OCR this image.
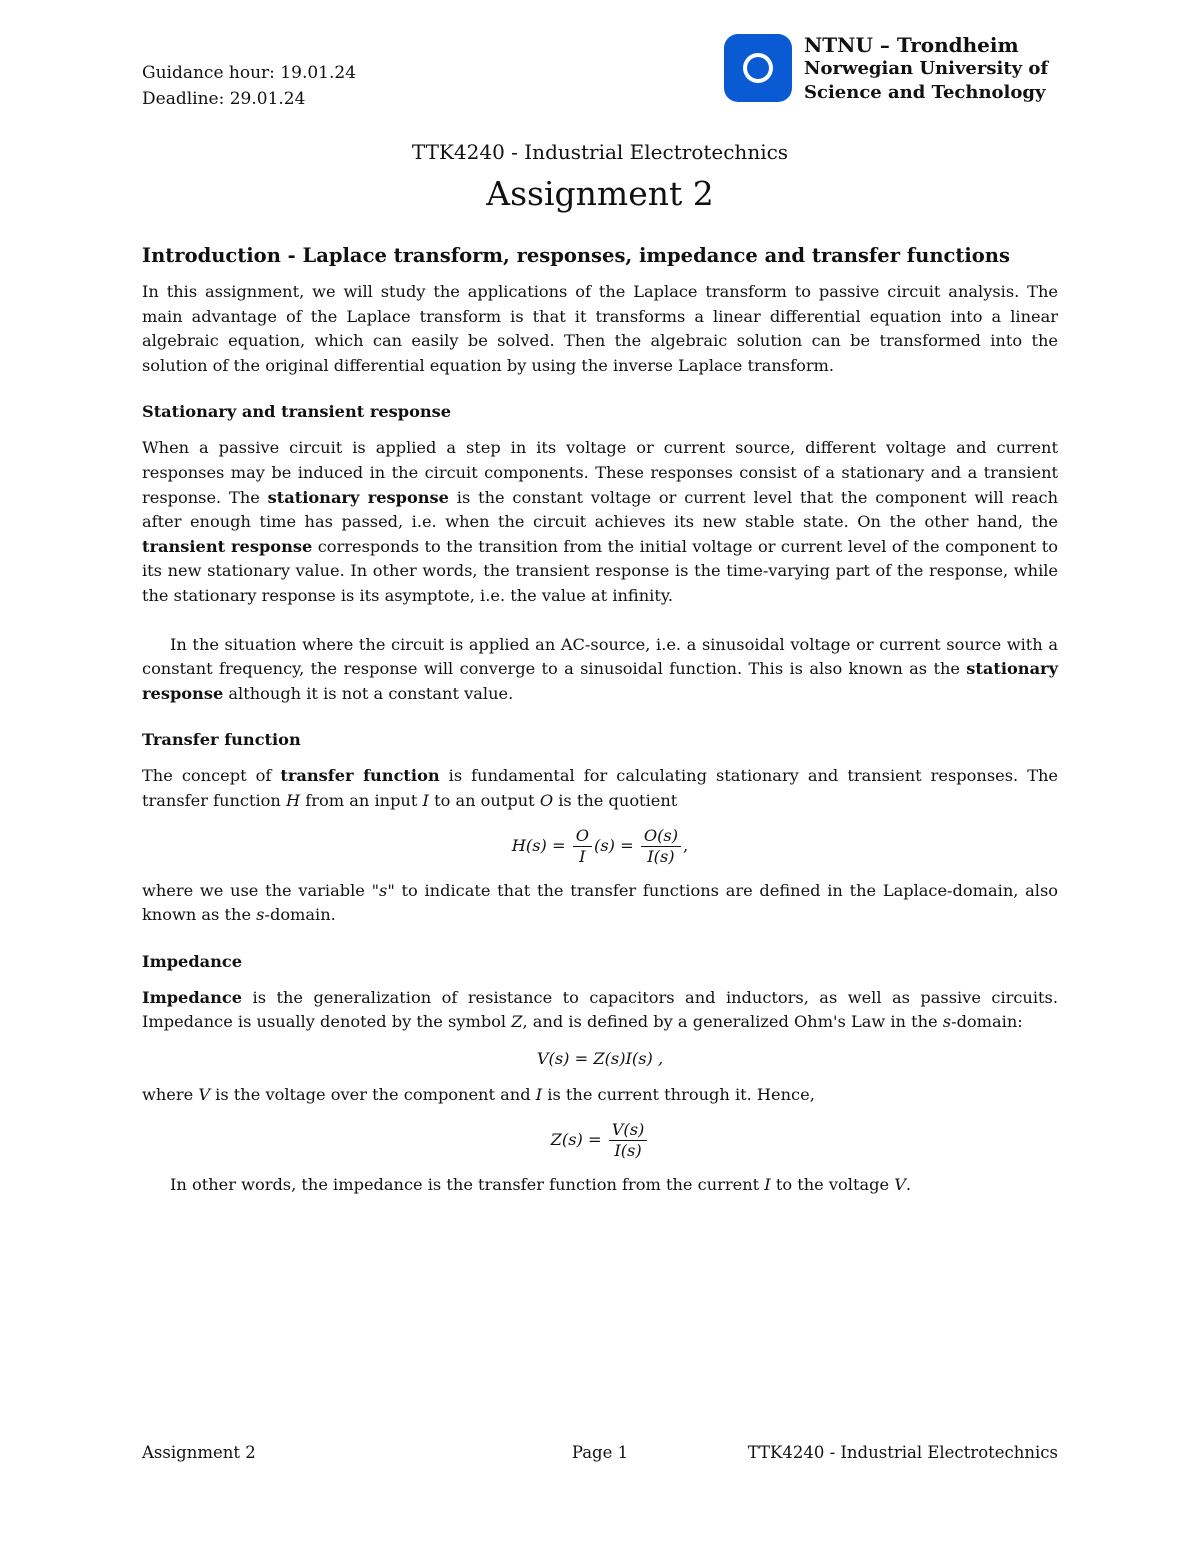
Guidance hour: 19.01.24
Deadline: 29.01.24
NTNU – Trondheim
Norwegian University of
Science and Technology
TTK4240 - Industrial Electrotechnics
Assignment 2
Introduction - Laplace transform, responses, impedance and transfer functions

In this assignment, we will study the applications of the Laplace transform to passive circuit analysis. The main advantage of the Laplace transform is that it transforms a linear differential equation into a linear algebraic equation, which can easily be solved. Then the algebraic solution can be transformed into the solution of the original differential equation by using the inverse Laplace transform.

Stationary and transient response

When a passive circuit is applied a step in its voltage or current source, different voltage and current responses may be induced in the circuit components. These responses consist of a stationary and a transient response. The stationary response is the constant voltage or current level that the component will reach after enough time has passed, i.e. when the circuit achieves its new stable state. On the other hand, the transient response corresponds to the transition from the initial voltage or current level of the component to its new stationary value. In other words, the transient response is the time-varying part of the response, while the stationary response is its asymptote, i.e. the value at infinity.

In the situation where the circuit is applied an AC-source, i.e. a sinusoidal voltage or current source with a constant frequency, the response will converge to a sinusoidal function. This is also known as the stationary response although it is not a constant value.

Transfer function

The concept of transfer function is fundamental for calculating stationary and transient responses. The transfer function H from an input I to an output O is the quotient

$H(s) = \frac{O}{I} (s) = \frac{O(s)}{I(s)}$ ,

where we use the variable "s" to indicate that the transfer functions are defined in the Laplace-domain, also known as the s-domain.

Impedance

Impedance is the generalization of resistance to capacitors and inductors, as well as passive circuits. Impedance is usually denoted by the symbol Z, and is defined by a generalized Ohm's Law in the s-domain:

V(s) = Z(s)I(s) ,

where V is the voltage over the component and I is the current through it. Hence,

$Z(s) = \frac{V(s)}{I(s)}$

In other words, the impedance is the transfer function from the current I to the voltage V.

Assignment 2	Page 1	TTK4240 - Industrial Electrotechnics
